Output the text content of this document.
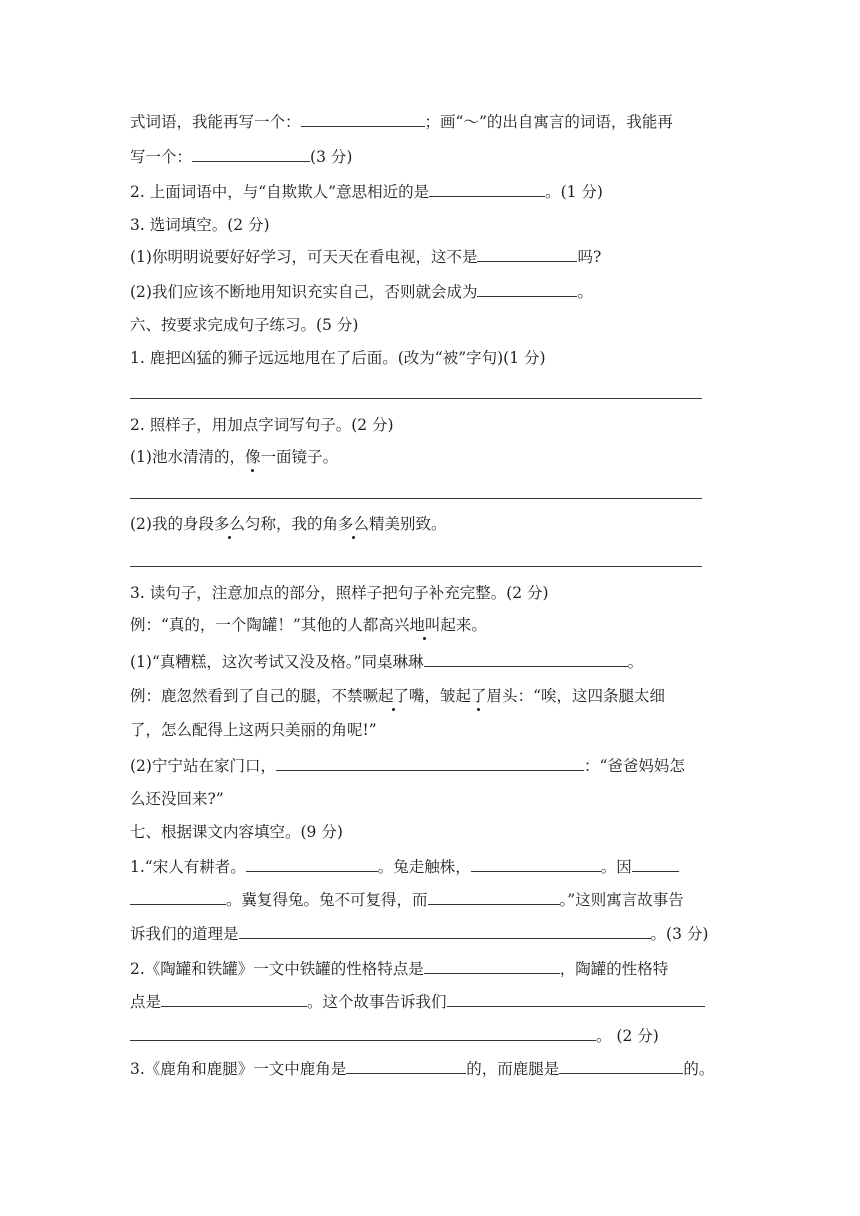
式词语，我能再写一个：	；画“～”的出自寓言的词语，我能再
写一个：	(3 分)
2. 上面词语中，与“自欺欺人”意思相近的是	。(1 分)
3. 选词填空。(2 分)
(1)你明明说要好好学习，可天天在看电视，这不是	吗?
(2)我们应该不断地用知识充实自己，否则就会成为	。
六、按要求完成句子练习。(5 分)
1. 鹿把凶猛的狮子远远地甩在了后面。(改为“被”字句)(1 分)
2. 照样子，用加点字词写句子。(2 分)
(1)池水清清的，像一面镜子。
(2)我的身段多么匀称，我的角多么精美别致。
3. 读句子，注意加点的部分，照样子把句子补充完整。(2 分)
例：“真的，一个陶罐！”其他的人都高兴地叫起来。
(1)“真糟糕，这次考试又没及格。”同桌琳琳	。
例：鹿忽然看到了自己的腿，不禁噘起了嘴，皱起了眉头：“唉，这四条腿太细
了，怎么配得上这两只美丽的角呢!”
(2)宁宁站在家门口，	：“爸爸妈妈怎
么还没回来?”
七、根据课文内容填空。(9 分)
1.“宋人有耕者。	。兔走触株，	。因
。冀复得兔。兔不可复得，而	。”这则寓言故事告
诉我们的道理是	。(3 分)
2.《陶罐和铁罐》一文中铁罐的性格特点是	，陶罐的性格特
点是	。这个故事告诉我们
。 (2 分)
3.《鹿角和鹿腿》一文中鹿角是	的，而鹿腿是	的。
